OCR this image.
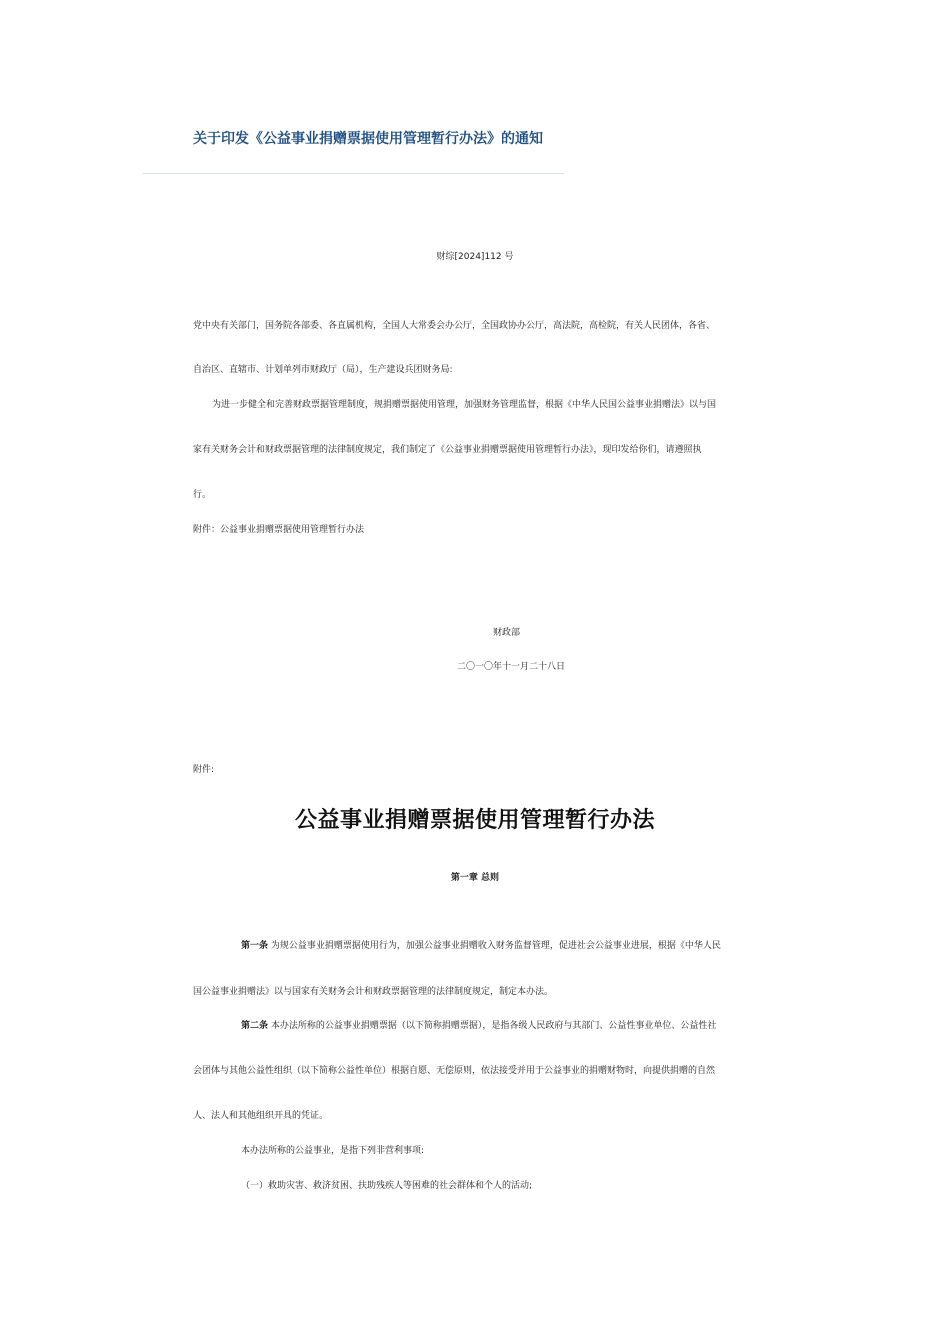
关于印发《公益事业捐赠票据使用管理暂行办法》的通知
财综[2024]112 号
党中央有关部门，国务院各部委、各直属机构，全国人大常委会办公厅，全国政协办公厅，高法院，高检院，有关人民团体，各省、
自治区、直辖市、计划单列市财政厅（局），生产建设兵团财务局:
为进一步健全和完善财政票据管理制度，规捐赠票据使用管理，加强财务管理监督，根据《中华人民国公益事业捐赠法》以与国
家有关财务会计和财政票据管理的法律制度规定，我们制定了《公益事业捐赠票据使用管理暂行办法》，现印发给你们，请遵照执
行。
附件：公益事业捐赠票据使用管理暂行办法
财政部
二〇一〇年十一月二十八日
附件:
公益事业捐赠票据使用管理暂行办法
第一章 总则
第一条 为规公益事业捐赠票据使用行为，加强公益事业捐赠收入财务监督管理，促进社会公益事业进展，根据《中华人民
国公益事业捐赠法》以与国家有关财务会计和财政票据管理的法律制度规定，制定本办法。
第二条 本办法所称的公益事业捐赠票据（以下简称捐赠票据），是指各级人民政府与其部门、公益性事业单位、公益性社
会团体与其他公益性组织（以下简称公益性单位）根据自愿、无偿原则，依法接受并用于公益事业的捐赠财物时，向提供捐赠的自然
人、法人和其他组织开具的凭证。
本办法所称的公益事业，是指下列非营利事项:
（一）救助灾害、救济贫困、扶助残疾人等困难的社会群体和个人的活动;
